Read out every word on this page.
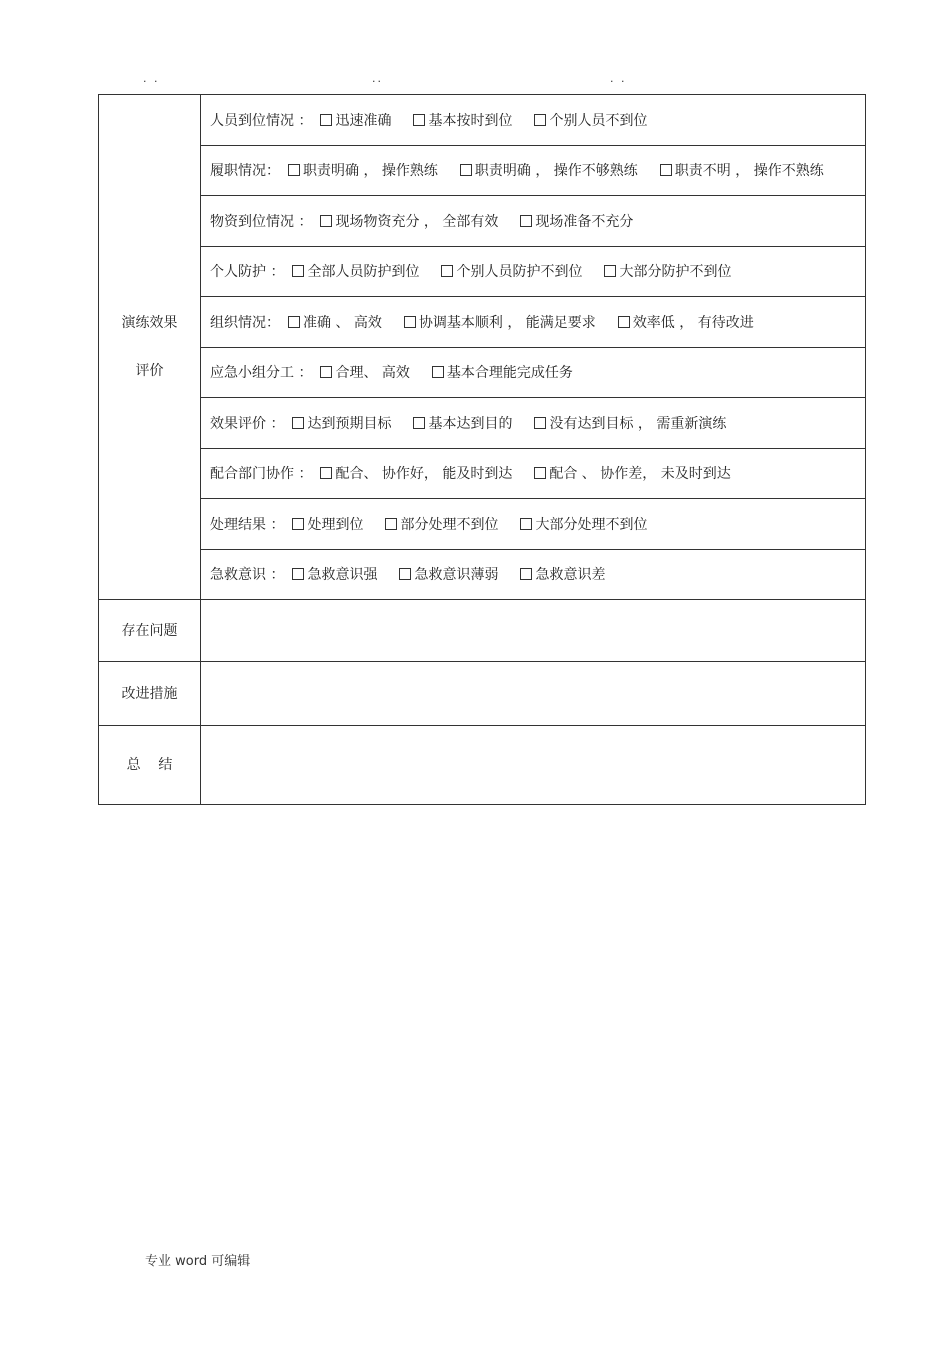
. .	..	. .
演练效果
评价	人员到位情况 ： 迅速准确 基本按时到位 个别人员不到位
	履职情况： 职责明确 ， 操作熟练 职责明确 ， 操作不够熟练 职责不明 ， 操作不熟练
	物资到位情况 ： 现场物资充分 ， 全部有效 现场准备不充分
	个人防护 ： 全部人员防护到位 个别人员防护不到位 大部分防护不到位
	组织情况： 准确 、 高效 协调基本顺利 ， 能满足要求 效率低 ， 有待改进
	应急小组分工 ： 合理、 高效 基本合理能完成任务
	效果评价 ： 达到预期目标 基本达到目的 没有达到目标 ， 需重新演练
	配合部门协作 ： 配合、 协作好， 能及时到达 配合 、 协作差， 未及时到达
	处理结果 ： 处理到位 部分处理不到位 大部分处理不到位
	急救意识 ： 急救意识强 急救意识薄弱 急救意识差
存在问题	
改进措施	
总    结	
专业 word 可编辑
